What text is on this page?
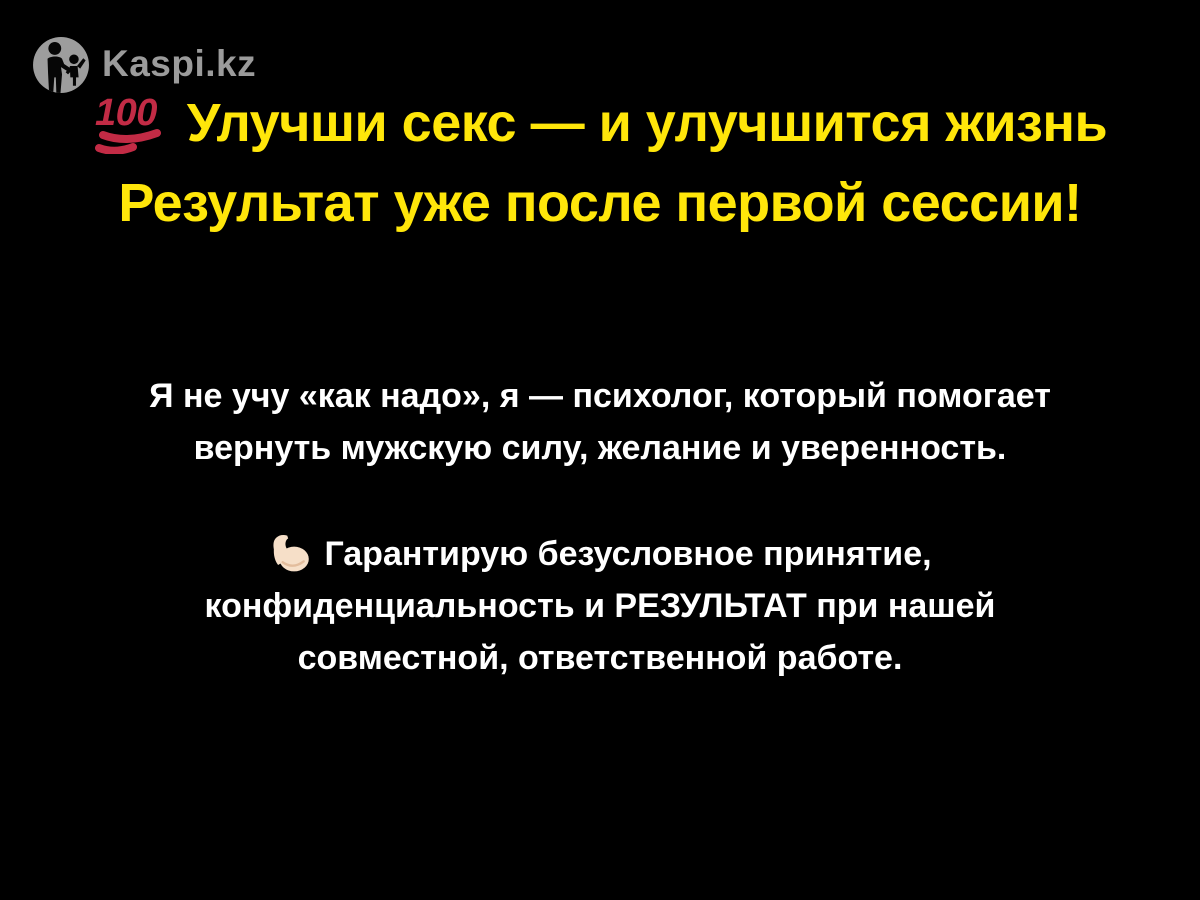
Kaspi.kz
100 Улучши секс — и улучшится жизнь
Результат уже после первой сессии!
Я не учу «как надо», я — психолог, который помогает
вернуть мужскую силу, желание и уверенность.
Гарантирую безусловное принятие,
конфиденциальность и РЕЗУЛЬТАТ при нашей
совместной, ответственной работе.
